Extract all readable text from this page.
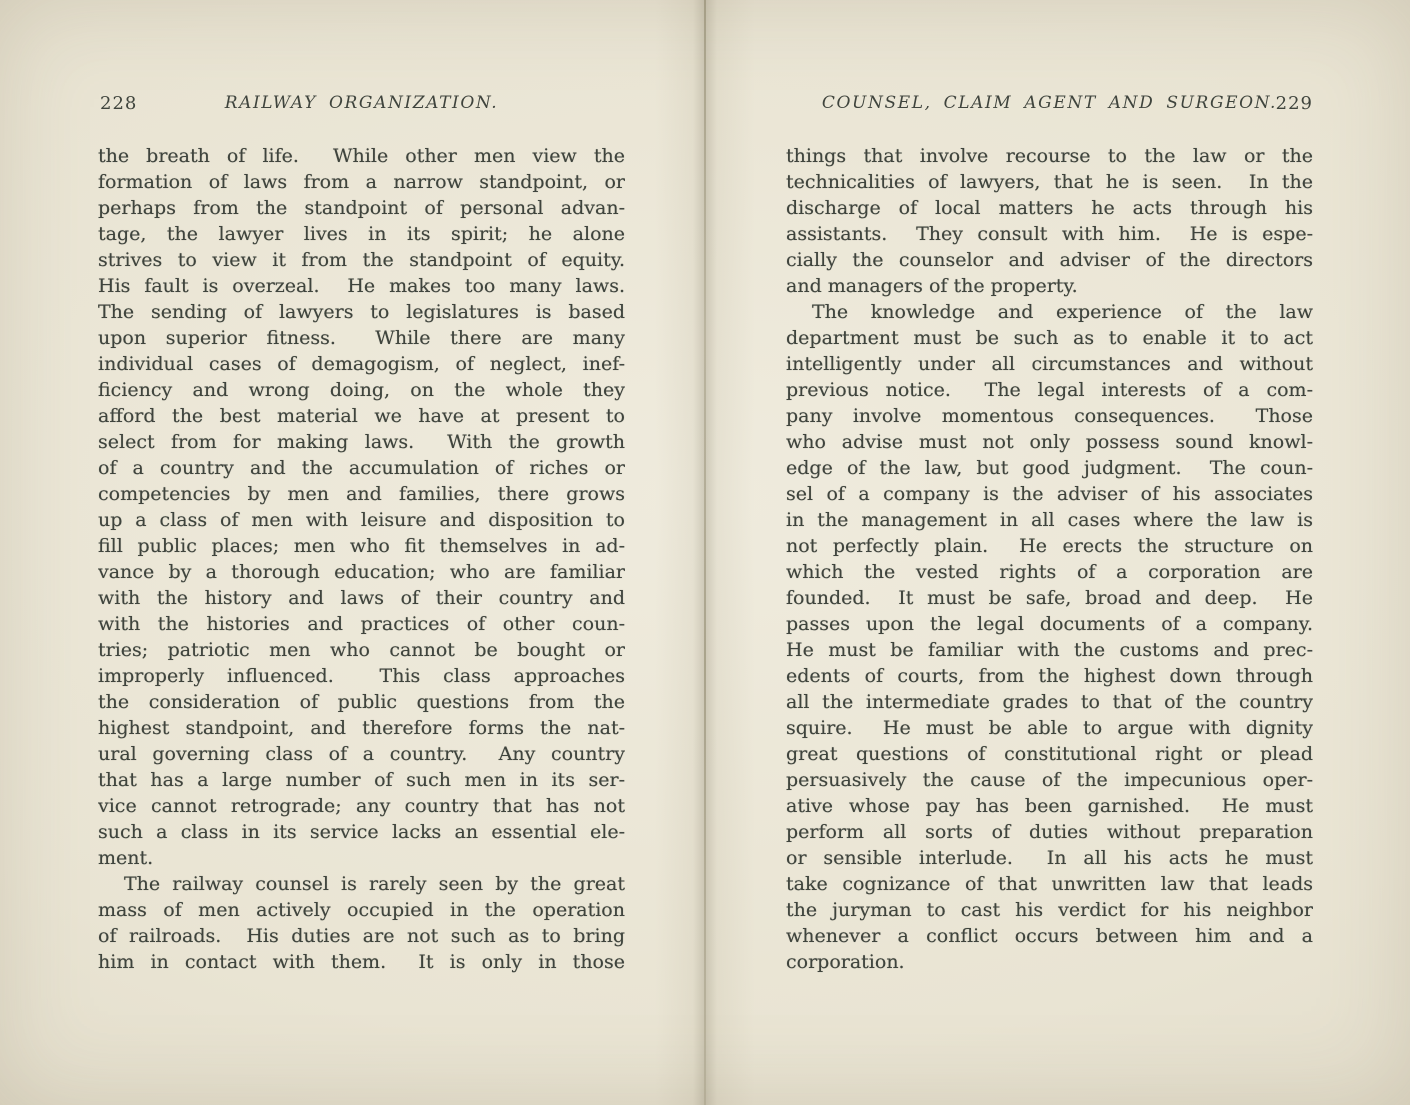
228	RAILWAY ORGANIZATION.
the breath of life.  While other men view the
formation of laws from a narrow standpoint, or
perhaps from the standpoint of personal advan-
tage, the lawyer lives in its spirit; he alone
strives to view it from the standpoint of equity.
His fault is overzeal.  He makes too many laws.
The sending of lawyers to legislatures is based
upon superior fitness.  While there are many
individual cases of demagogism, of neglect, inef-
ficiency and wrong doing, on the whole they
afford the best material we have at present to
select from for making laws.  With the growth
of a country and the accumulation of riches or
competencies by men and families, there grows
up a class of men with leisure and disposition to
fill public places; men who fit themselves in ad-
vance by a thorough education; who are familiar
with the history and laws of their country and
with the histories and practices of other coun-
tries; patriotic men who cannot be bought or
improperly influenced.  This class approaches
the consideration of public questions from the
highest standpoint, and therefore forms the nat-
ural governing class of a country.  Any country
that has a large number of such men in its ser-
vice cannot retrograde; any country that has not
such a class in its service lacks an essential ele-
ment.
The railway counsel is rarely seen by the great
mass of men actively occupied in the operation
of railroads.  His duties are not such as to bring
him in contact with them.  It is only in those
COUNSEL, CLAIM AGENT AND SURGEON.
229
things that involve recourse to the law or the
technicalities of lawyers, that he is seen.  In the
discharge of local matters he acts through his
assistants.  They consult with him.  He is espe-
cially the counselor and adviser of the directors
and managers of the property.
The knowledge and experience of the law
department must be such as to enable it to act
intelligently under all circumstances and without
previous notice.  The legal interests of a com-
pany involve momentous consequences.  Those
who advise must not only possess sound knowl-
edge of the law, but good judgment.  The coun-
sel of a company is the adviser of his associates
in the management in all cases where the law is
not perfectly plain.  He erects the structure on
which the vested rights of a corporation are
founded.  It must be safe, broad and deep.  He
passes upon the legal documents of a company.
He must be familiar with the customs and prec-
edents of courts, from the highest down through
all the intermediate grades to that of the country
squire.  He must be able to argue with dignity
great questions of constitutional right or plead
persuasively the cause of the impecunious oper-
ative whose pay has been garnished.  He must
perform all sorts of duties without preparation
or sensible interlude.  In all his acts he must
take cognizance of that unwritten law that leads
the juryman to cast his verdict for his neighbor
whenever a conflict occurs between him and a
corporation.
